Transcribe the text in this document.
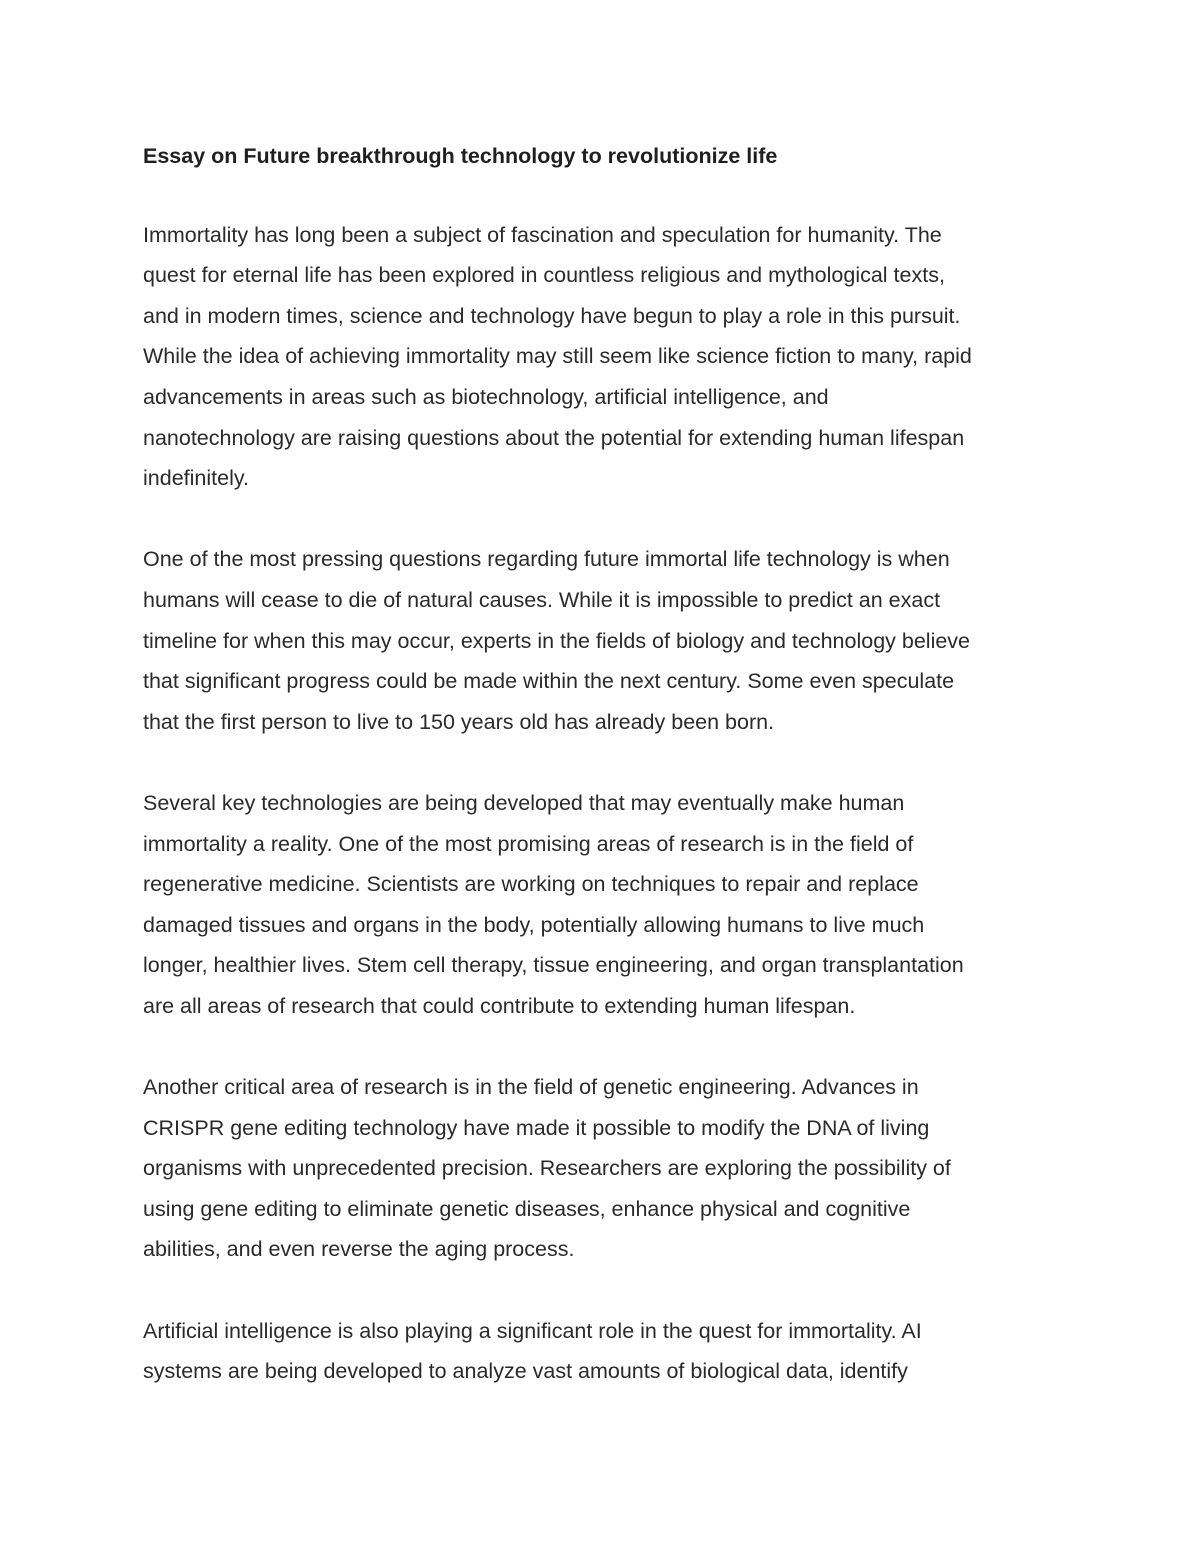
Essay on Future breakthrough technology to revolutionize life

Immortality has long been a subject of fascination and speculation for humanity. The
quest for eternal life has been explored in countless religious and mythological texts,
and in modern times, science and technology have begun to play a role in this pursuit.
While the idea of achieving immortality may still seem like science fiction to many, rapid
advancements in areas such as biotechnology, artificial intelligence, and
nanotechnology are raising questions about the potential for extending human lifespan
indefinitely.

One of the most pressing questions regarding future immortal life technology is when
humans will cease to die of natural causes. While it is impossible to predict an exact
timeline for when this may occur, experts in the fields of biology and technology believe
that significant progress could be made within the next century. Some even speculate
that the first person to live to 150 years old has already been born.

Several key technologies are being developed that may eventually make human
immortality a reality. One of the most promising areas of research is in the field of
regenerative medicine. Scientists are working on techniques to repair and replace
damaged tissues and organs in the body, potentially allowing humans to live much
longer, healthier lives. Stem cell therapy, tissue engineering, and organ transplantation
are all areas of research that could contribute to extending human lifespan.

Another critical area of research is in the field of genetic engineering. Advances in
CRISPR gene editing technology have made it possible to modify the DNA of living
organisms with unprecedented precision. Researchers are exploring the possibility of
using gene editing to eliminate genetic diseases, enhance physical and cognitive
abilities, and even reverse the aging process.

Artificial intelligence is also playing a significant role in the quest for immortality. AI
systems are being developed to analyze vast amounts of biological data, identify
